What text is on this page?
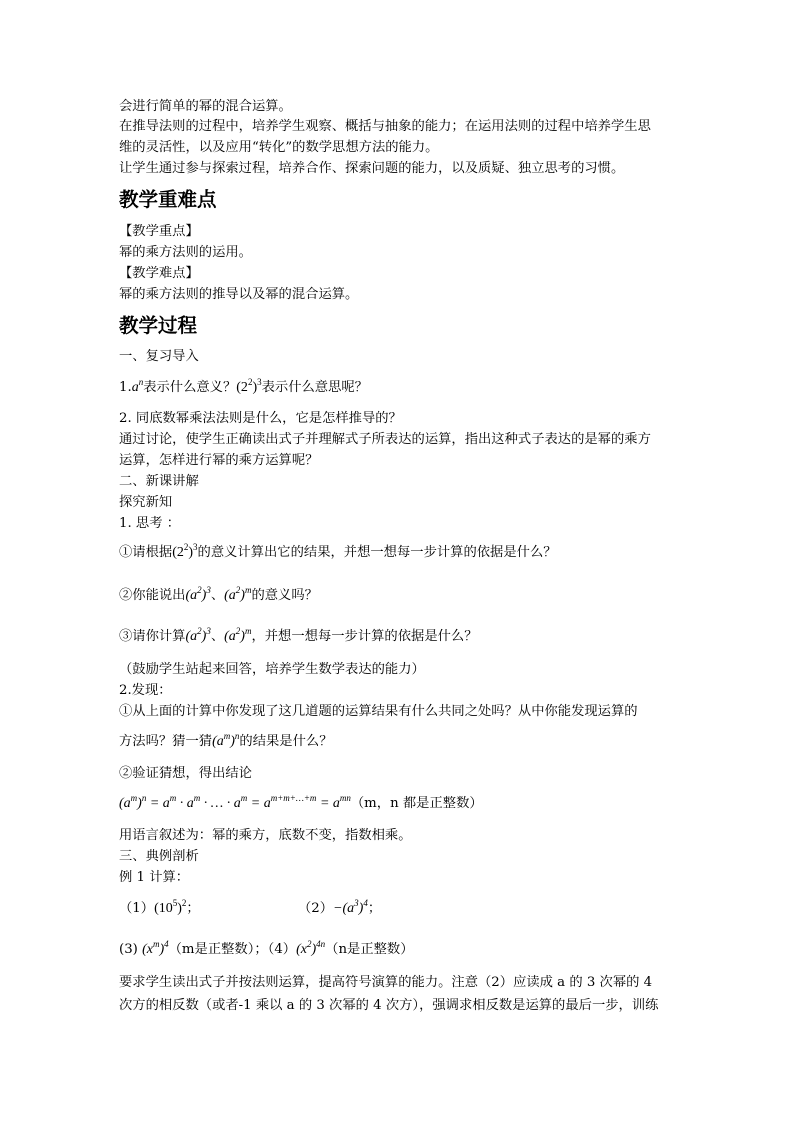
会进行简单的幂的混合运算。
在推导法则的过程中，培养学生观察、概括与抽象的能力；在运用法则的过程中培养学生思
维的灵活性，以及应用“转化”的数学思想方法的能力。
让学生通过参与探索过程，培养合作、探索问题的能力，以及质疑、独立思考的习惯。
教学重难点
【教学重点】
幂的乘方法则的运用。
【教学难点】
幂的乘方法则的推导以及幂的混合运算。
教学过程
一、复习导入
$1.a^n$表示什么意义？$(2^2)^3$表示什么意思呢？
2. 同底数幂乘法法则是什么，它是怎样推导的？
通过讨论，使学生正确读出式子并理解式子所表达的运算，指出这种式子表达的是幂的乘方
运算，怎样进行幂的乘方运算呢？
二、新课讲解
探究新知
1. 思考 ：
①请根据$(2^2)^3$的意义计算出它的结果，并想一想每一步计算的依据是什么？
②你能说出$(a^2)^3$、$(a^2)^m$的意义吗？
③请你计算$(a^2)^3$、$(a^2)^m$，并想一想每一步计算的依据是什么？
（鼓励学生站起来回答，培养学生数学表达的能力）
2.发现：
①从上面的计算中你发现了这几道题的运算结果有什么共同之处吗？从中你能发现运算的
方法吗？猜一猜$(a^m)^n$的结果是什么？
②验证猜想，得出结论
$(a^m)^n = a^m \cdot a^m$ · … · $a^m = a^{m+m+\dots+m} = a^{mn}(m$，n 都是正整数）
用语言叙述为：幂的乘方，底数不变，指数相乘。
三、典例剖析
例 1 计算：
$(1)(10^5)^2$；	$(2)-(a^3)^4$；
(3) $(x^m)^4(m$是正整数）；$(4)(x^2)^{4n}(n$是正整数）
要求学生读出式子并按法则运算，提高符号演算的能力。注意（2）应读成 a 的 3 次幂的 4
次方的相反数（或者-1 乘以 a 的 3 次幂的 4 次方），强调求相反数是运算的最后一步，训练
